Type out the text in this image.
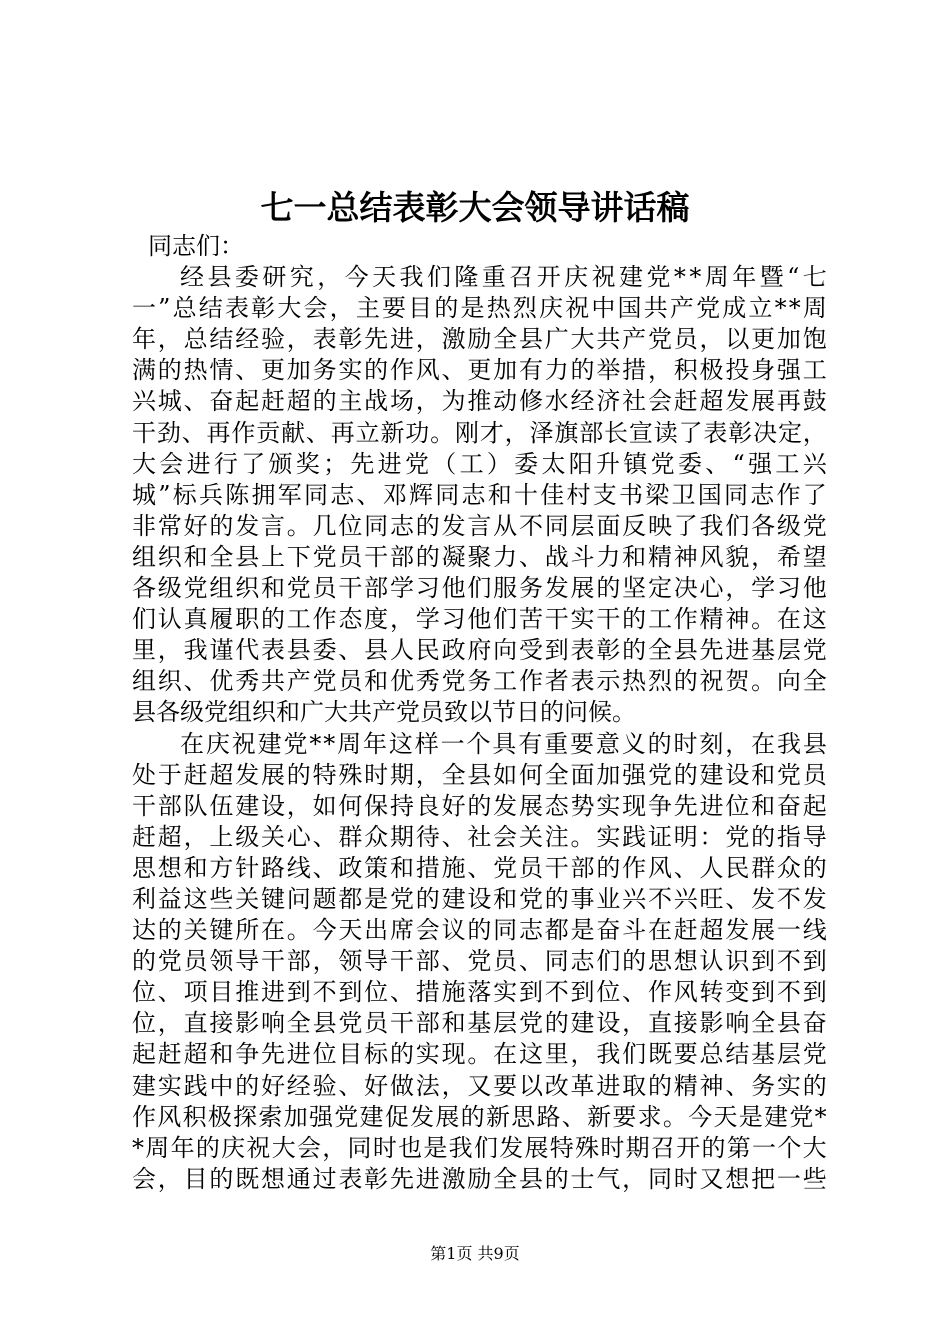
七一总结表彰大会领导讲话稿
同志们：
经 县 委 研 究 ， 今 天 我 们 隆 重 召 开 庆 祝 建 党 * * 周 年 暨 “ 七
一 ” 总 结 表 彰 大 会 ， 主 要 目 的 是 热 烈 庆 祝 中 国 共 产 党 成 立 * * 周
年 ， 总 结 经 验 ， 表 彰 先 进 ， 激 励 全 县 广 大 共 产 党 员 ， 以 更 加 饱
满 的 热 情 、 更 加 务 实 的 作 风 、 更 加 有 力 的 举 措 ， 积 极 投 身 强 工
兴 城 、 奋 起 赶 超 的 主 战 场 ， 为 推 动 修 水 经 济 社 会 赶 超 发 展 再 鼓
干 劲 、 再 作 贡 献 、 再 立 新 功 。 刚 才 ， 泽 旗 部 长 宣 读 了 表 彰 决 定 ，
大 会 进 行 了 颁 奖 ； 先 进 党 （ 工 ） 委 太 阳 升 镇 党 委 、 “ 强 工 兴
城 ” 标 兵 陈 拥 军 同 志 、 邓 辉 同 志 和 十 佳 村 支 书 梁 卫 国 同 志 作 了
非 常 好 的 发 言 。 几 位 同 志 的 发 言 从 不 同 层 面 反 映 了 我 们 各 级 党
组 织 和 全 县 上 下 党 员 干 部 的 凝 聚 力 、 战 斗 力 和 精 神 风 貌 ， 希 望
各 级 党 组 织 和 党 员 干 部 学 习 他 们 服 务 发 展 的 坚 定 决 心 ， 学 习 他
们 认 真 履 职 的 工 作 态 度 ， 学 习 他 们 苦 干 实 干 的 工 作 精 神 。 在 这
里 ， 我 谨 代 表 县 委 、 县 人 民 政 府 向 受 到 表 彰 的 全 县 先 进 基 层 党
组 织 、 优 秀 共 产 党 员 和 优 秀 党 务 工 作 者 表 示 热 烈 的 祝 贺 。 向 全
县各级党组织和广大共产党员致以节日的问候。
在 庆 祝 建 党 * * 周 年 这 样 一 个 具 有 重 要 意 义 的 时 刻 ， 在 我 县
处 于 赶 超 发 展 的 特 殊 时 期 ， 全 县 如 何 全 面 加 强 党 的 建 设 和 党 员
干 部 队 伍 建 设 ， 如 何 保 持 良 好 的 发 展 态 势 实 现 争 先 进 位 和 奋 起
赶 超 ， 上 级 关 心 、 群 众 期 待 、 社 会 关 注 。 实 践 证 明 ： 党 的 指 导
思 想 和 方 针 路 线 、 政 策 和 措 施 、 党 员 干 部 的 作 风 、 人 民 群 众 的
利 益 这 些 关 键 问 题 都 是 党 的 建 设 和 党 的 事 业 兴 不 兴 旺 、 发 不 发
达 的 关 键 所 在 。 今 天 出 席 会 议 的 同 志 都 是 奋 斗 在 赶 超 发 展 一 线
的 党 员 领 导 干 部 ， 领 导 干 部 、 党 员 、 同 志 们 的 思 想 认 识 到 不 到
位 、 项 目 推 进 到 不 到 位 、 措 施 落 实 到 不 到 位 、 作 风 转 变 到 不 到
位 ， 直 接 影 响 全 县 党 员 干 部 和 基 层 党 的 建 设 ， 直 接 影 响 全 县 奋
起 赶 超 和 争 先 进 位 目 标 的 实 现 。 在 这 里 ， 我 们 既 要 总 结 基 层 党
建 实 践 中 的 好 经 验 、 好 做 法 ， 又 要 以 改 革 进 取 的 精 神 、 务 实 的
作 风 积 极 探 索 加 强 党 建 促 发 展 的 新 思 路 、 新 要 求 。 今 天 是 建 党 *
* 周 年 的 庆 祝 大 会 ， 同 时 也 是 我 们 发 展 特 殊 时 期 召 开 的 第 一 个 大
会 ， 目 的 既 想 通 过 表 彰 先 进 激 励 全 县 的 士 气 ， 同 时 又 想 把 一 些
第1页 共9页
